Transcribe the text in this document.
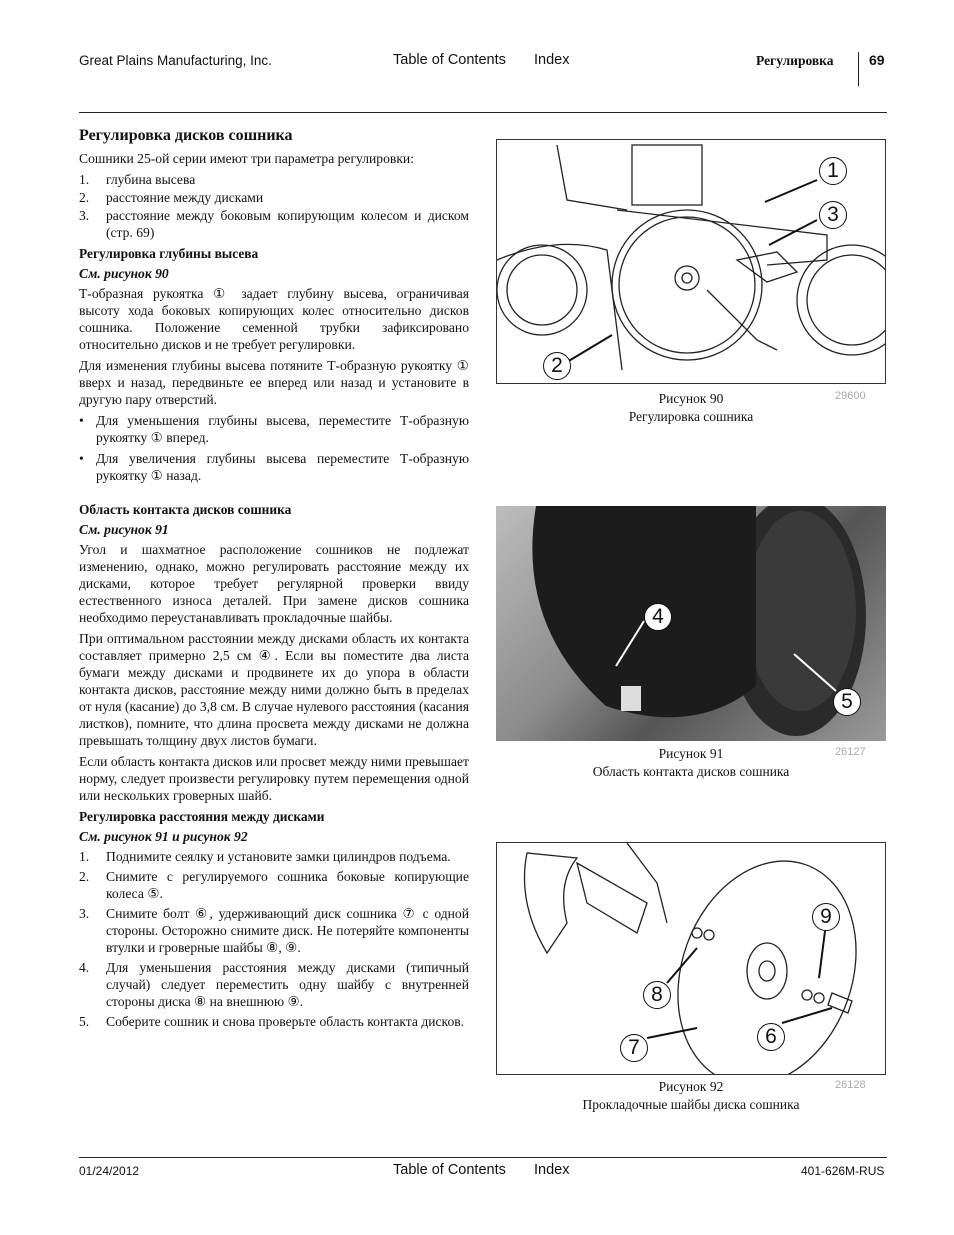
Great Plains Manufacturing, Inc.	Table of Contents Index	Регулировка	69
Регулировка дисков сошника

Сошники 25-ой серии имеют три параметра регулировки:

1.	глубина высева
2.	расстояние между дисками
3.	расстояние между боковым копирующим колесом и диском (стр. 69)
Регулировка глубины высева

См. рисунок 90

Т-образная рукоятка ① задает глубину высева, ограничивая высоту хода боковых копирующих колес относительно дисков сошника. Положение семенной трубки зафиксировано относительно дисков и не требует регулировки.

Для изменения глубины высева потяните Т-образную рукоятку ① вверх и назад, передвиньте ее вперед или назад и установите в другую пару отверстий.

• Для уменьшения глубины высева, переместите Т-образную рукоятку ① вперед.
• Для увеличения глубины высева переместите Т-образную рукоятку ① назад.
Область контакта дисков сошника

См. рисунок 91

Угол и шахматное расположение сошников не подлежат изменению, однако, можно регулировать расстояние между их дисками, которое требует регулярной проверки ввиду естественного износа деталей. При замене дисков сошника необходимо переустанавливать прокладочные шайбы.

При оптимальном расстоянии между дисками область их контакта составляет примерно 2,5 см ④. Если вы поместите два листа бумаги между дисками и продвинете их до упора в области контакта дисков, расстояние между ними должно быть в пределах от нуля (касание) до 3,8 см. В случае нулевого расстояния (касания листков), помните, что длина просвета между дисками не должна превышать толщину двух листов бумаги.

Если область контакта дисков или просвет между ними превышает норму, следует произвести регулировку путем перемещения одной или нескольких гроверных шайб.

Регулировка расстояния между дисками

См. рисунок 91 и рисунок 92

1.	Поднимите сеялку и установите замки цилиндров подъема.
2.	Снимите с регулируемого сошника боковые копирующие колеса ⑤.
3.	Снимите болт ⑥, удерживающий диск сошника ⑦ с одной стороны. Осторожно снимите диск. Не потеряйте компоненты втулки и гроверные шайбы ⑧, ⑨.
4.	Для уменьшения расстояния между дисками (типичный случай) следует переместить одну шайбу с внутренней стороны диска ⑧ на внешнюю ⑨.
5.	Соберите сошник и снова проверьте область контакта дисков.
1
3
2
Рисунок 90
Регулировка сошника
29600
4
5
Рисунок 91
Область контакта дисков сошника
26127
9
8
7	6
Рисунок 92
Прокладочные шайбы диска сошника
26128
01/24/2012	Table of Contents Index	401-626M-RUS
